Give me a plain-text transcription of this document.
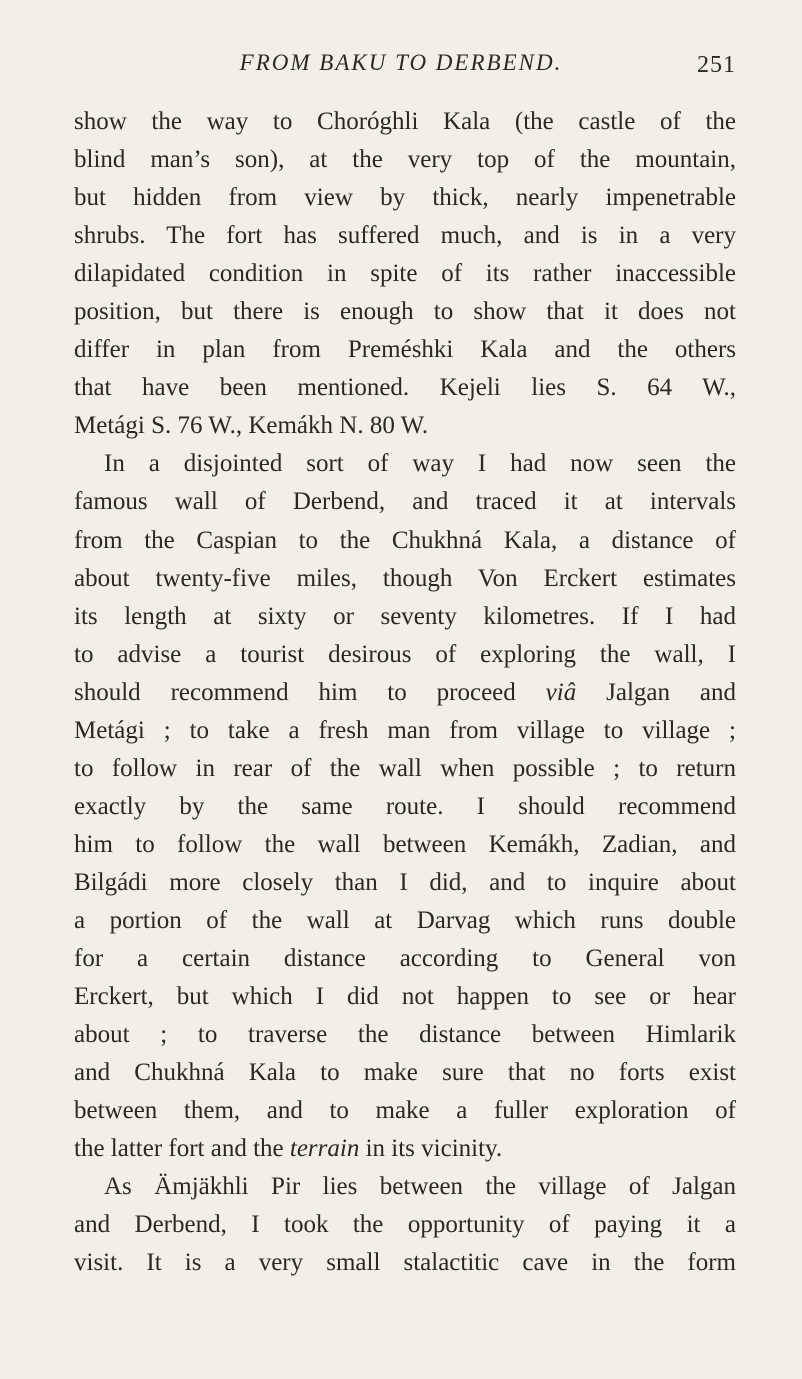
FROM BAKU TO DERBEND.	251
show the way to Choróghli Kala (the castle of the
blind man’s son), at the very top of the mountain,
but hidden from view by thick, nearly impenetrable
shrubs. The fort has suffered much, and is in a very
dilapidated condition in spite of its rather inaccessible
position, but there is enough to show that it does not
differ in plan from Preméshki Kala and the others
that have been mentioned. Kejeli lies S. 64 W.,
Metági S. 76 W., Kemákh N. 80 W.
In a disjointed sort of way I had now seen the
famous wall of Derbend, and traced it at intervals
from the Caspian to the Chukhná Kala, a distance of
about twenty-five miles, though Von Erckert estimates
its length at sixty or seventy kilometres. If I had
to advise a tourist desirous of exploring the wall, I
should recommend him to proceed viâ Jalgan and
Metági ; to take a fresh man from village to village ;
to follow in rear of the wall when possible ; to return
exactly by the same route. I should recommend
him to follow the wall between Kemákh, Zadian, and
Bilgádi more closely than I did, and to inquire about
a portion of the wall at Darvag which runs double
for a certain distance according to General von
Erckert, but which I did not happen to see or hear
about ; to traverse the distance between Himlarik
and Chukhná Kala to make sure that no forts exist
between them, and to make a fuller exploration of
the latter fort and the terrain in its vicinity.
As Ämjäkhli Pir lies between the village of Jalgan
and Derbend, I took the opportunity of paying it a
visit. It is a very small stalactitic cave in the form
